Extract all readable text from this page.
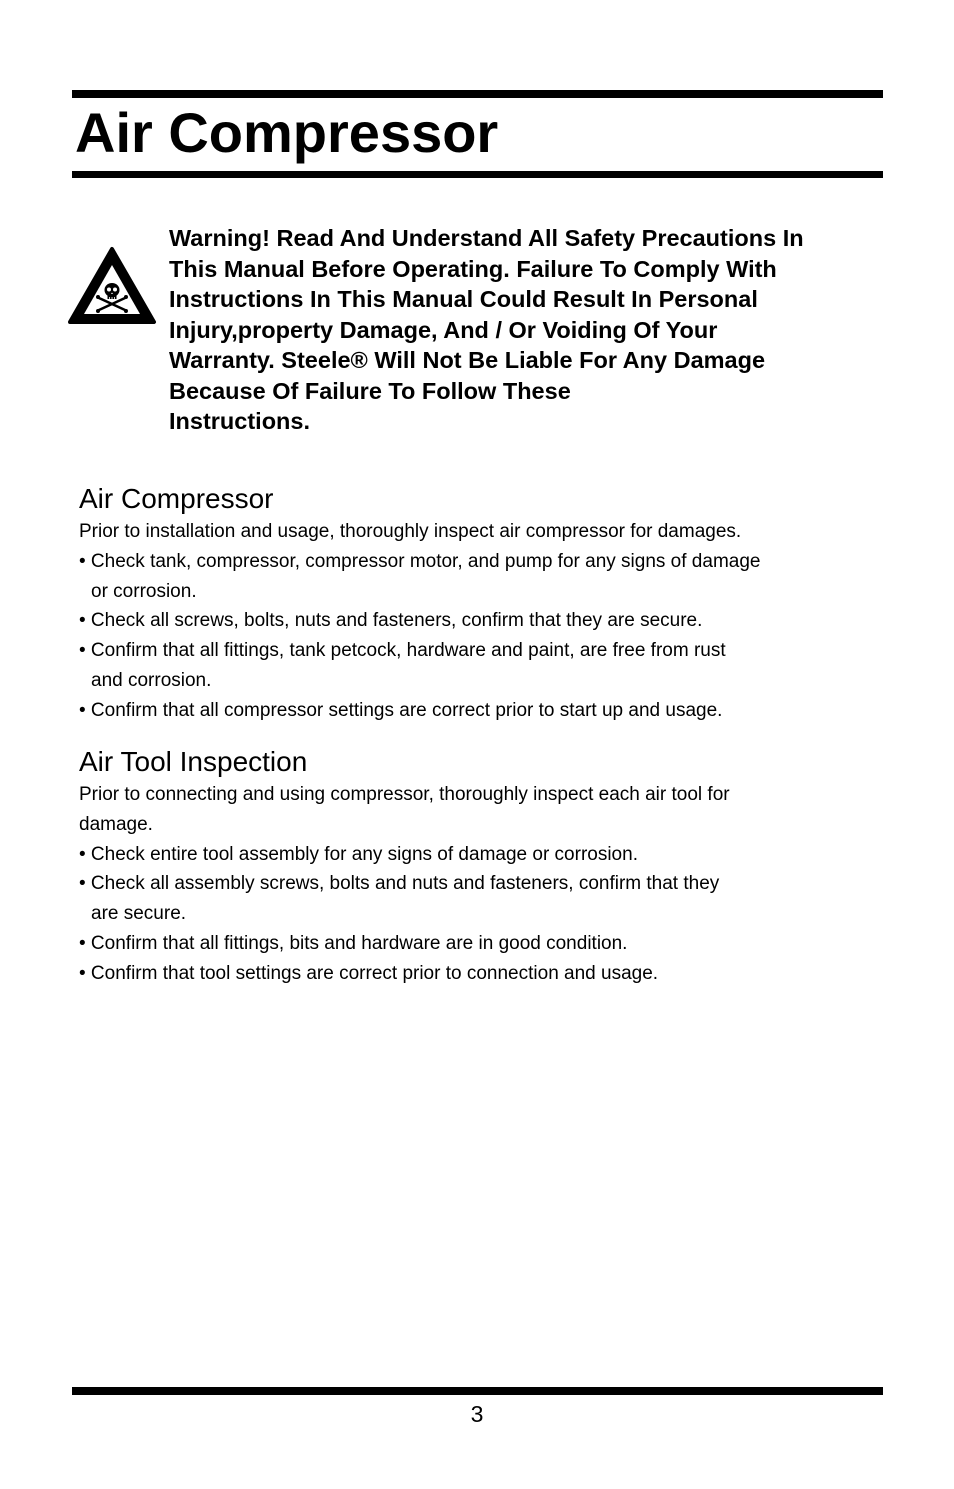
Air Compressor

Warning! Read And Understand All Safety Precautions In
This Manual Before Operating. Failure To Comply With
Instructions In This Manual Could Result In Personal
Injury,property Damage, And / Or Voiding Of Your
Warranty. Steele® Will Not Be Liable For Any Damage
Because Of Failure To Follow These
Instructions.

Air Compressor
Prior to installation and usage, thoroughly inspect air compressor for damages.
• Check tank, compressor, compressor motor, and pump for any signs of damage
or corrosion.
• Check all screws, bolts, nuts and fasteners, confirm that they are secure.
• Confirm that all fittings, tank petcock, hardware and paint, are free from rust
and corrosion.
• Confirm that all compressor settings are correct prior to start up and usage.
Air Tool Inspection
Prior to connecting and using compressor, thoroughly inspect each air tool for
damage.
• Check entire tool assembly for any signs of damage or corrosion.
• Check all assembly screws, bolts and nuts and fasteners, confirm that they
are secure.
• Confirm that all fittings, bits and hardware are in good condition.
• Confirm that tool settings are correct prior to connection and usage.

3
